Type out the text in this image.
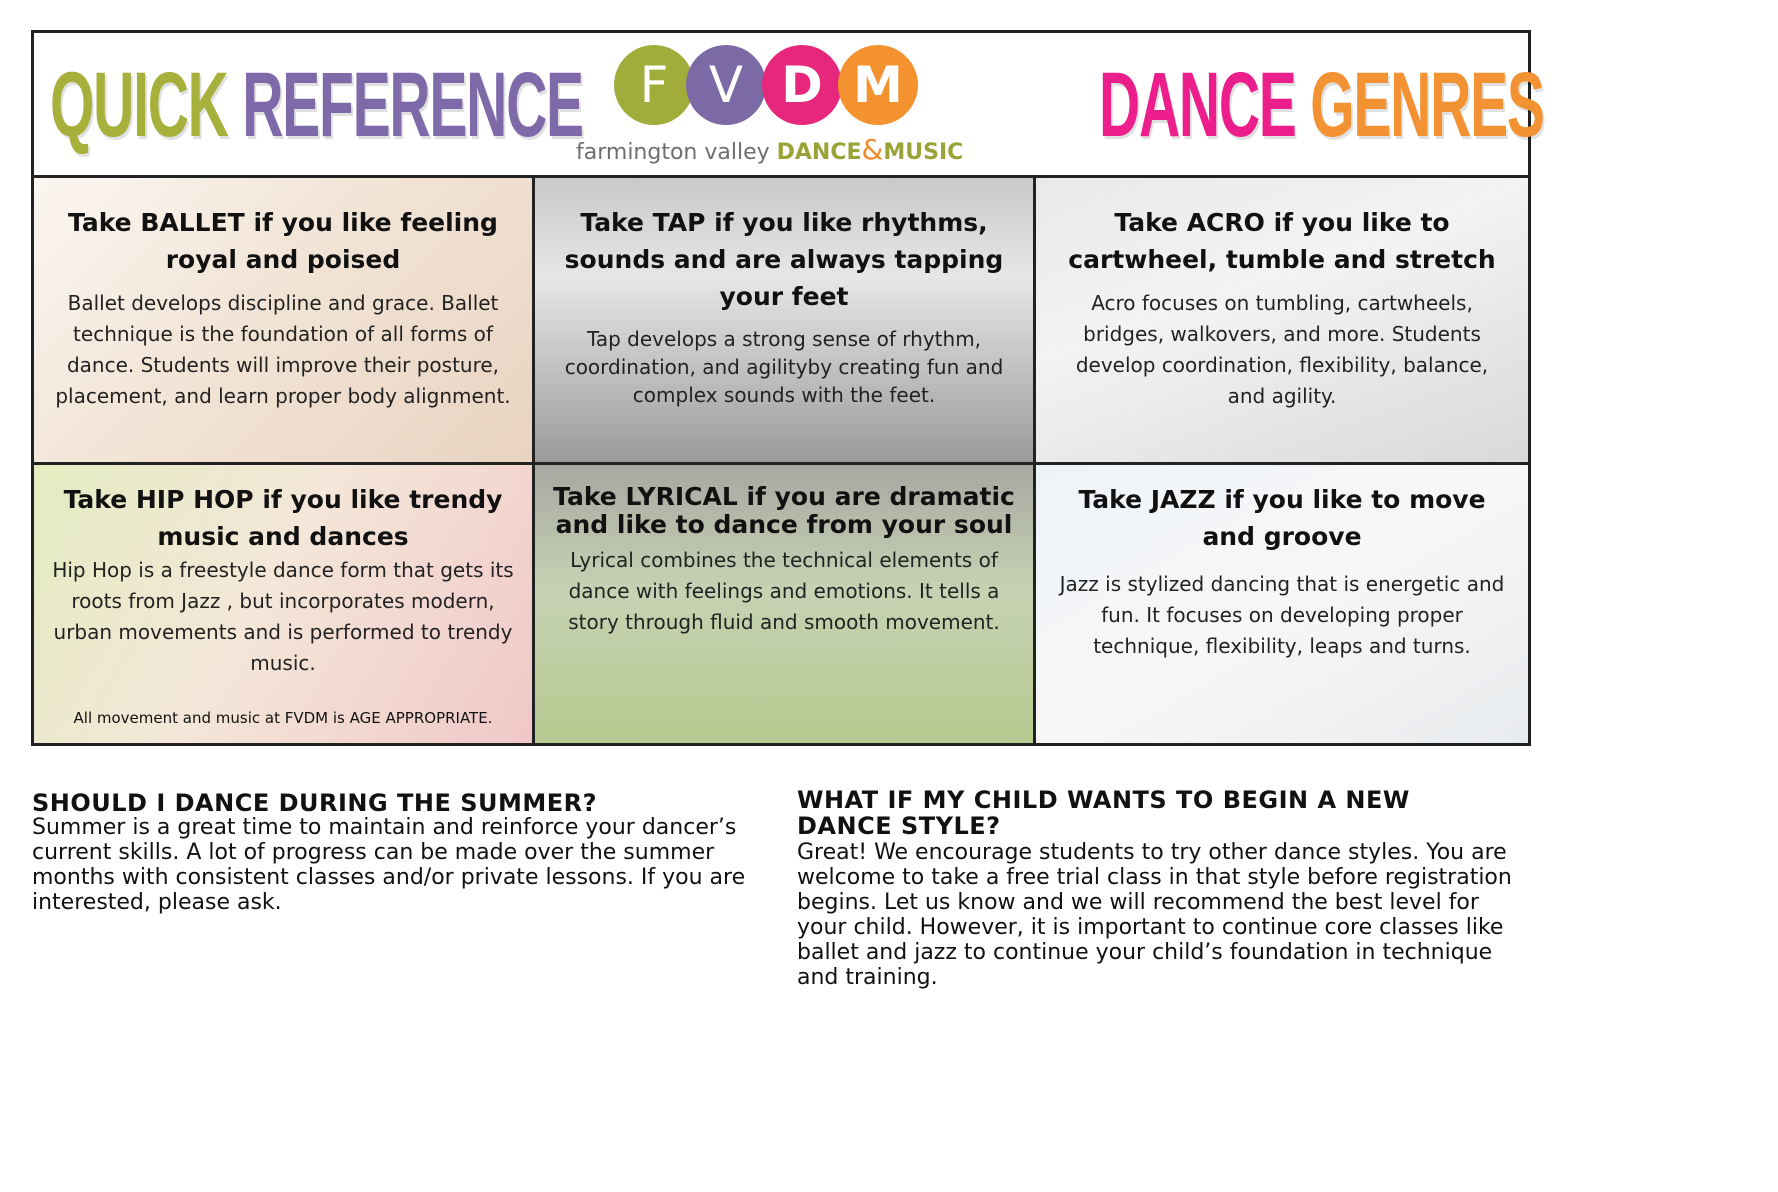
QUICK REFERENCE	F V D M
farmington valley DANCE&MUSIC	DANCE GENRES
Take BALLET if you like feeling royal and poised
Ballet develops discipline and grace. Ballet technique is the foundation of all forms of dance. Students will improve their posture, placement, and learn proper body alignment.
Take TAP if you like rhythms, sounds and are always tapping your feet
Tap develops a strong sense of rhythm, coordination, and agilityby creating fun and complex sounds with the feet.
Take ACRO if you like to cartwheel, tumble and stretch
Acro focuses on tumbling, cartwheels, bridges, walkovers, and more. Students develop coordination, flexibility, balance, and agility.
Take HIP HOP if you like trendy music and dances
Hip Hop is a freestyle dance form that gets its roots from Jazz , but incorporates modern, urban movements and is performed to trendy music.
All movement and music at FVDM is AGE APPROPRIATE.
Take LYRICAL if you are dramatic and like to dance from your soul
Lyrical combines the technical elements of dance with feelings and emotions. It tells a story through fluid and smooth movement.
Take JAZZ if you like to move and groove
Jazz is stylized dancing that is energetic and fun. It focuses on developing proper technique, flexibility, leaps and turns.
SHOULD I DANCE DURING THE SUMMER?
Summer is a great time to maintain and reinforce your dancer’s current skills. A lot of progress can be made over the summer months with consistent classes and/or private lessons. If you are interested, please ask.
WHAT IF MY CHILD WANTS TO BEGIN A NEW DANCE STYLE?
Great! We encourage students to try other dance styles. You are welcome to take a free trial class in that style before registration begins. Let us know and we will recommend the best level for your child. However, it is important to continue core classes like ballet and jazz to continue your child’s foundation in technique and training.
